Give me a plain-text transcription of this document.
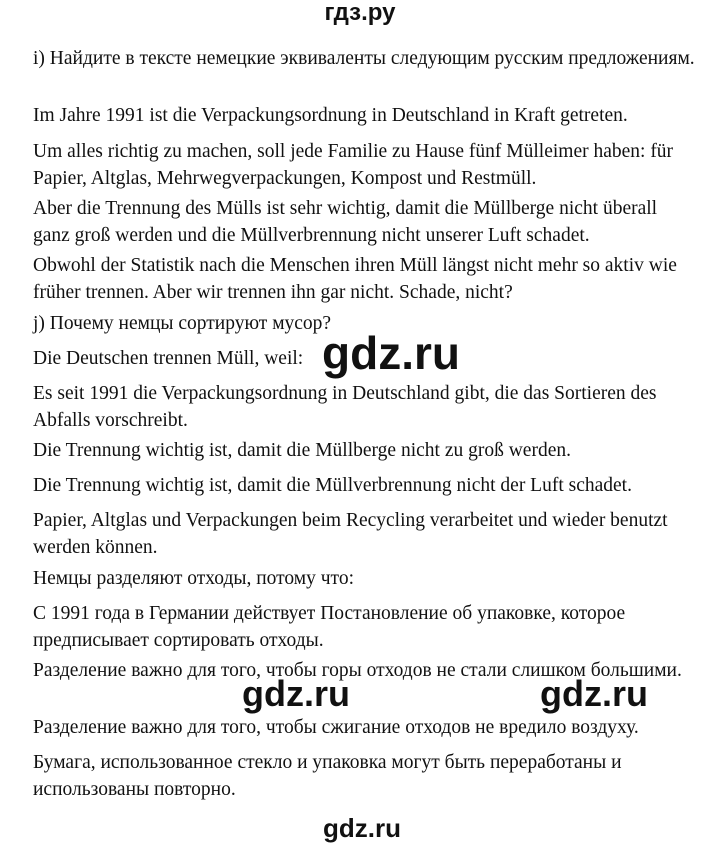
гдз.ру

i) Найдите в тексте немецкие эквиваленты следующим русским предложениям.

Im Jahre 1991 ist die Verpackungsordnung in Deutschland in Kraft getreten.

Um alles richtig zu machen, soll jede Familie zu Hause fünf Mülleimer haben: für Papier, Altglas, Mehrwegverpackungen, Kompost und Restmüll.

Aber die Trennung des Mülls ist sehr wichtig, damit die Müllberge nicht überall ganz groß werden und die Müllverbrennung nicht unserer Luft schadet.

Obwohl der Statistik nach die Menschen ihren Müll längst nicht mehr so aktiv wie früher trennen. Aber wir trennen ihn gar nicht. Schade, nicht?

j) Почему немцы сортируют мусор?

Die Deutschen trennen Müll, weil:

Es seit 1991 die Verpackungsordnung in Deutschland gibt, die das Sortieren des Abfalls vorschreibt.

Die Trennung wichtig ist, damit die Müllberge nicht zu groß werden.

Die Trennung wichtig ist, damit die Müllverbrennung nicht der Luft schadet.

Papier, Altglas und Verpackungen beim Recycling verarbeitet und wieder benutzt werden können.

Немцы разделяют отходы, потому что:

С 1991 года в Германии действует Постановление об упаковке, которое предписывает сортировать отходы.

Разделение важно для того, чтобы горы отходов не стали слишком большими.

Разделение важно для того, чтобы сжигание отходов не вредило воздуху.

Бумага, использованное стекло и упаковка могут быть переработаны и использованы повторно.

gdz.ru
gdz.ru	gdz.ru
gdz.ru
